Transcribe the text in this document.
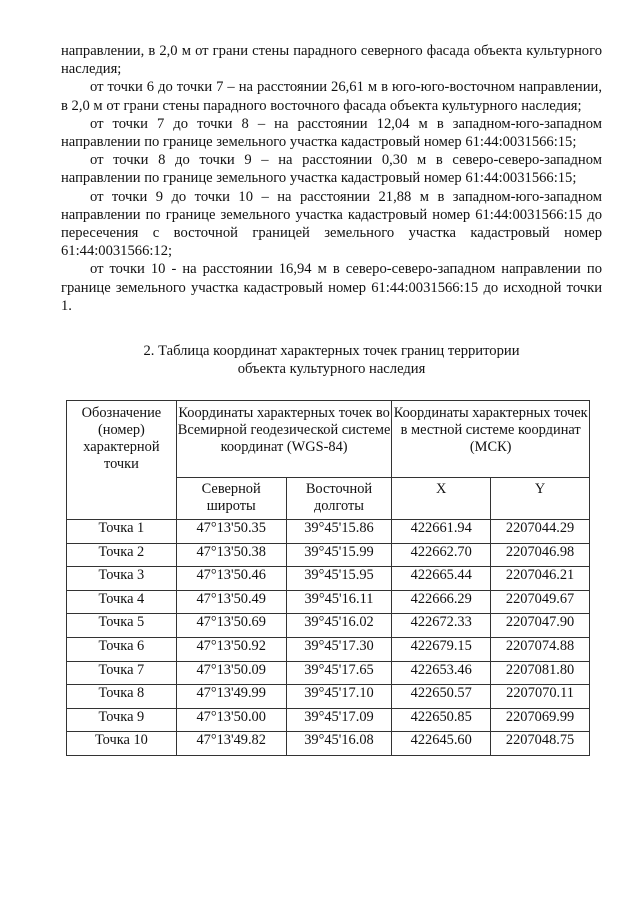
направлении, в 2,0 м от грани стены парадного северного фасада объекта культурного наследия;

от точки 6 до точки 7 – на расстоянии 26,61 м в юго-юго-восточном направлении, в 2,0 м от грани стены парадного восточного фасада объекта культурного наследия;

от точки 7 до точки 8 – на расстоянии 12,04 м в западном-юго-западном направлении по границе земельного участка кадастровый номер 61:44:0031566:15;

от точки 8 до точки 9 – на расстоянии 0,30 м в северо-северо-западном направлении по границе земельного участка кадастровый номер 61:44:0031566:15;

от точки 9 до точки 10 – на расстоянии 21,88 м в западном-юго-западном направлении по границе земельного участка кадастровый номер 61:44:0031566:15 до пересечения с восточной границей земельного участка кадастровый номер 61:44:0031566:12;

от точки 10 - на расстоянии 16,94 м в северо-северо-западном направлении по границе земельного участка кадастровый номер 61:44:0031566:15 до исходной точки 1.

2. Таблица координат характерных точек границ территории
объекта культурного наследия
Обозначение (номер) характерной точки	Координаты характерных точек во Всемирной геодезической системе координат (WGS-84)		Координаты характерных точек в местной системе координат (МСК)	
	Северной широты	Восточной долготы	X	Y
Точка 1	47°13'50.35	39°45'15.86	422661.94	2207044.29
Точка 2	47°13'50.38	39°45'15.99	422662.70	2207046.98
Точка 3	47°13'50.46	39°45'15.95	422665.44	2207046.21
Точка 4	47°13'50.49	39°45'16.11	422666.29	2207049.67
Точка 5	47°13'50.69	39°45'16.02	422672.33	2207047.90
Точка 6	47°13'50.92	39°45'17.30	422679.15	2207074.88
Точка 7	47°13'50.09	39°45'17.65	422653.46	2207081.80
Точка 8	47°13'49.99	39°45'17.10	422650.57	2207070.11
Точка 9	47°13'50.00	39°45'17.09	422650.85	2207069.99
Точка 10	47°13'49.82	39°45'16.08	422645.60	2207048.75
